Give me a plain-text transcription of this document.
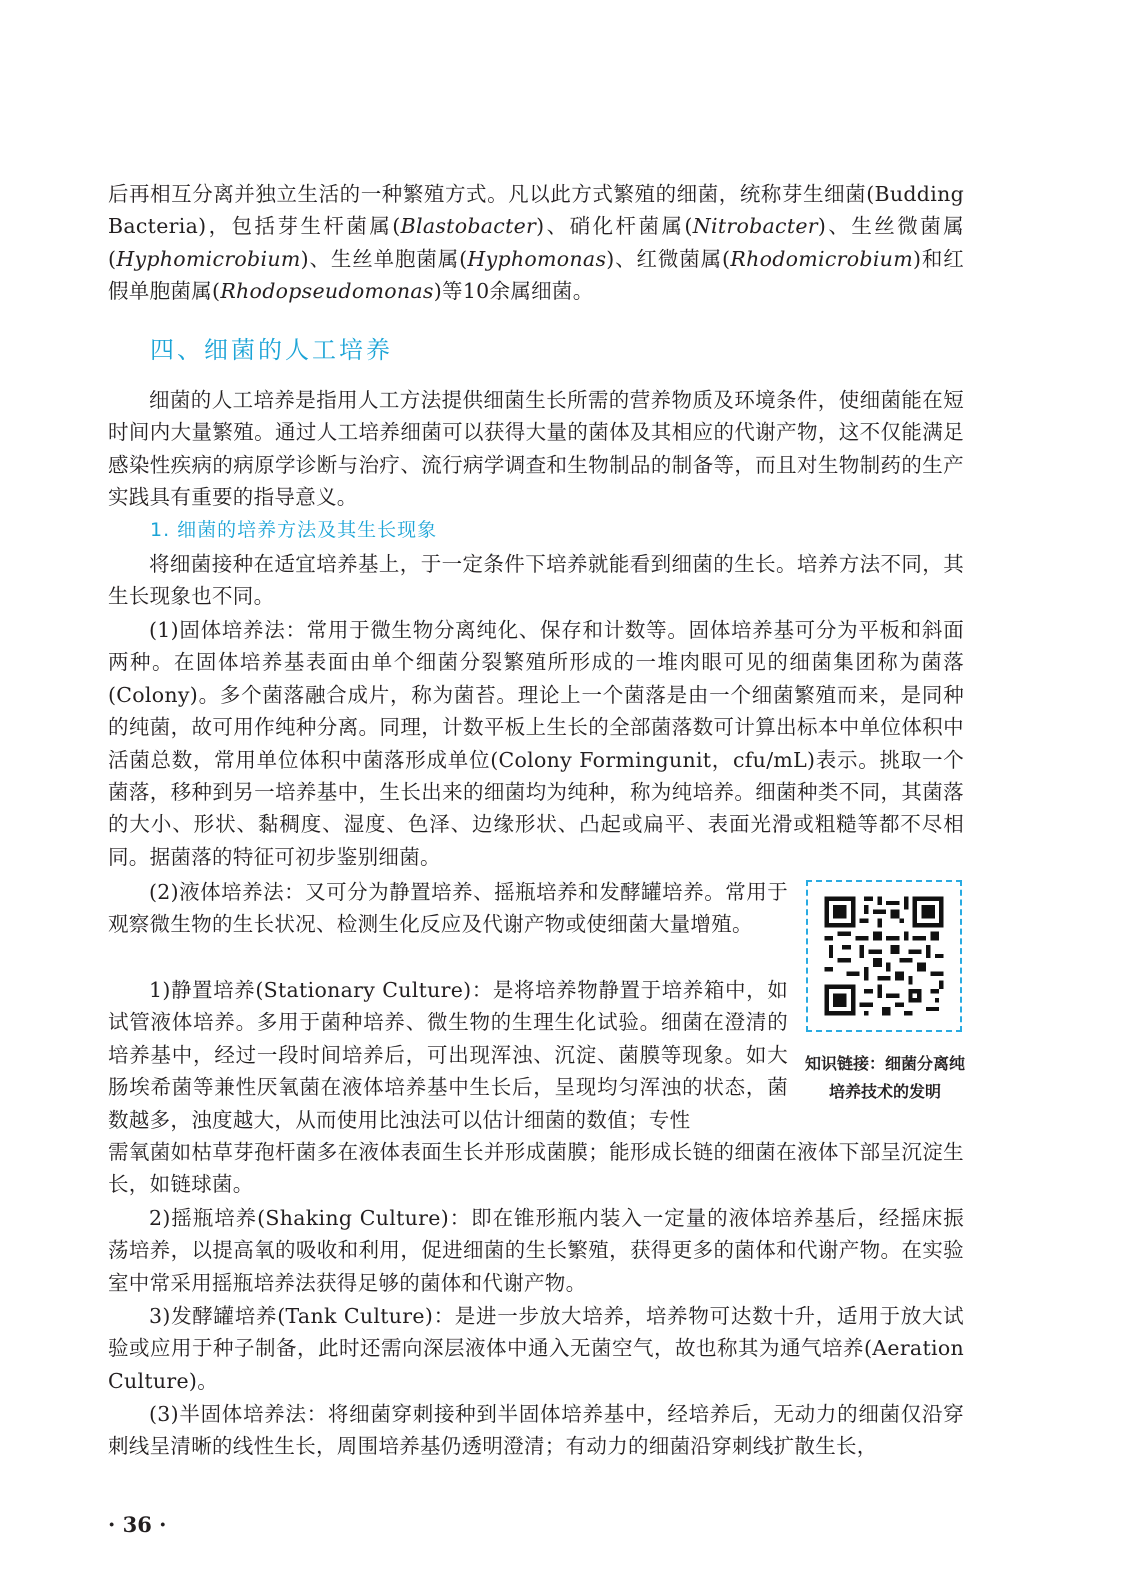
后再相互分离并独立生活的一种繁殖方式。凡以此方式繁殖的细菌，统称芽生细菌(Budding Bacteria)，包括芽生杆菌属(Blastobacter)、硝化杆菌属(Nitrobacter)、生丝微菌属(Hyphomicrobium)、生丝单胞菌属(Hyphomonas)、红微菌属(Rhodomicrobium)和红假单胞菌属(Rhodopseudomonas)等10余属细菌。

四、细菌的人工培养

细菌的人工培养是指用人工方法提供细菌生长所需的营养物质及环境条件，使细菌能在短时间内大量繁殖。通过人工培养细菌可以获得大量的菌体及其相应的代谢产物，这不仅能满足感染性疾病的病原学诊断与治疗、流行病学调查和生物制品的制备等，而且对生物制药的生产实践具有重要的指导意义。

1. 细菌的培养方法及其生长现象

将细菌接种在适宜培养基上，于一定条件下培养就能看到细菌的生长。培养方法不同，其生长现象也不同。

(1)固体培养法：常用于微生物分离纯化、保存和计数等。固体培养基可分为平板和斜面两种。在固体培养基表面由单个细菌分裂繁殖所形成的一堆肉眼可见的细菌集团称为菌落(Colony)。多个菌落融合成片，称为菌苔。理论上一个菌落是由一个细菌繁殖而来，是同种的纯菌，故可用作纯种分离。同理，计数平板上生长的全部菌落数可计算出标本中单位体积中活菌总数，常用单位体积中菌落形成单位(Colony Formingunit，cfu/mL)表示。挑取一个菌落，移种到另一培养基中，生长出来的细菌均为纯种，称为纯培养。细菌种类不同，其菌落的大小、形状、黏稠度、湿度、色泽、边缘形状、凸起或扁平、表面光滑或粗糙等都不尽相同。据菌落的特征可初步鉴别细菌。

(2)液体培养法：又可分为静置培养、摇瓶培养和发酵罐培养。常用于观察微生物的生长状况、检测生化反应及代谢产物或使细菌大量增殖。

1)静置培养(Stationary Culture)：是将培养物静置于培养箱中，如试管液体培养。多用于菌种培养、微生物的生理生化试验。细菌在澄清的培养基中，经过一段时间培养后，可出现浑浊、沉淀、菌膜等现象。如大肠埃希菌等兼性厌氧菌在液体培养基中生长后，呈现均匀浑浊的状态，菌数越多，浊度越大，从而使用比浊法可以估计细菌的数值；专性

需氧菌如枯草芽孢杆菌多在液体表面生长并形成菌膜；能形成长链的细菌在液体下部呈沉淀生长，如链球菌。

2)摇瓶培养(Shaking Culture)：即在锥形瓶内装入一定量的液体培养基后，经摇床振荡培养，以提高氧的吸收和利用，促进细菌的生长繁殖，获得更多的菌体和代谢产物。在实验室中常采用摇瓶培养法获得足够的菌体和代谢产物。

3)发酵罐培养(Tank Culture)：是进一步放大培养，培养物可达数十升，适用于放大试验或应用于种子制备，此时还需向深层液体中通入无菌空气，故也称其为通气培养(Aeration Culture)。

(3)半固体培养法：将细菌穿刺接种到半固体培养基中，经培养后，无动力的细菌仅沿穿刺线呈清晰的线性生长，周围培养基仍透明澄清；有动力的细菌沿穿刺线扩散生长，

知识链接：细菌分离纯培养技术的发明

· 36 ·
